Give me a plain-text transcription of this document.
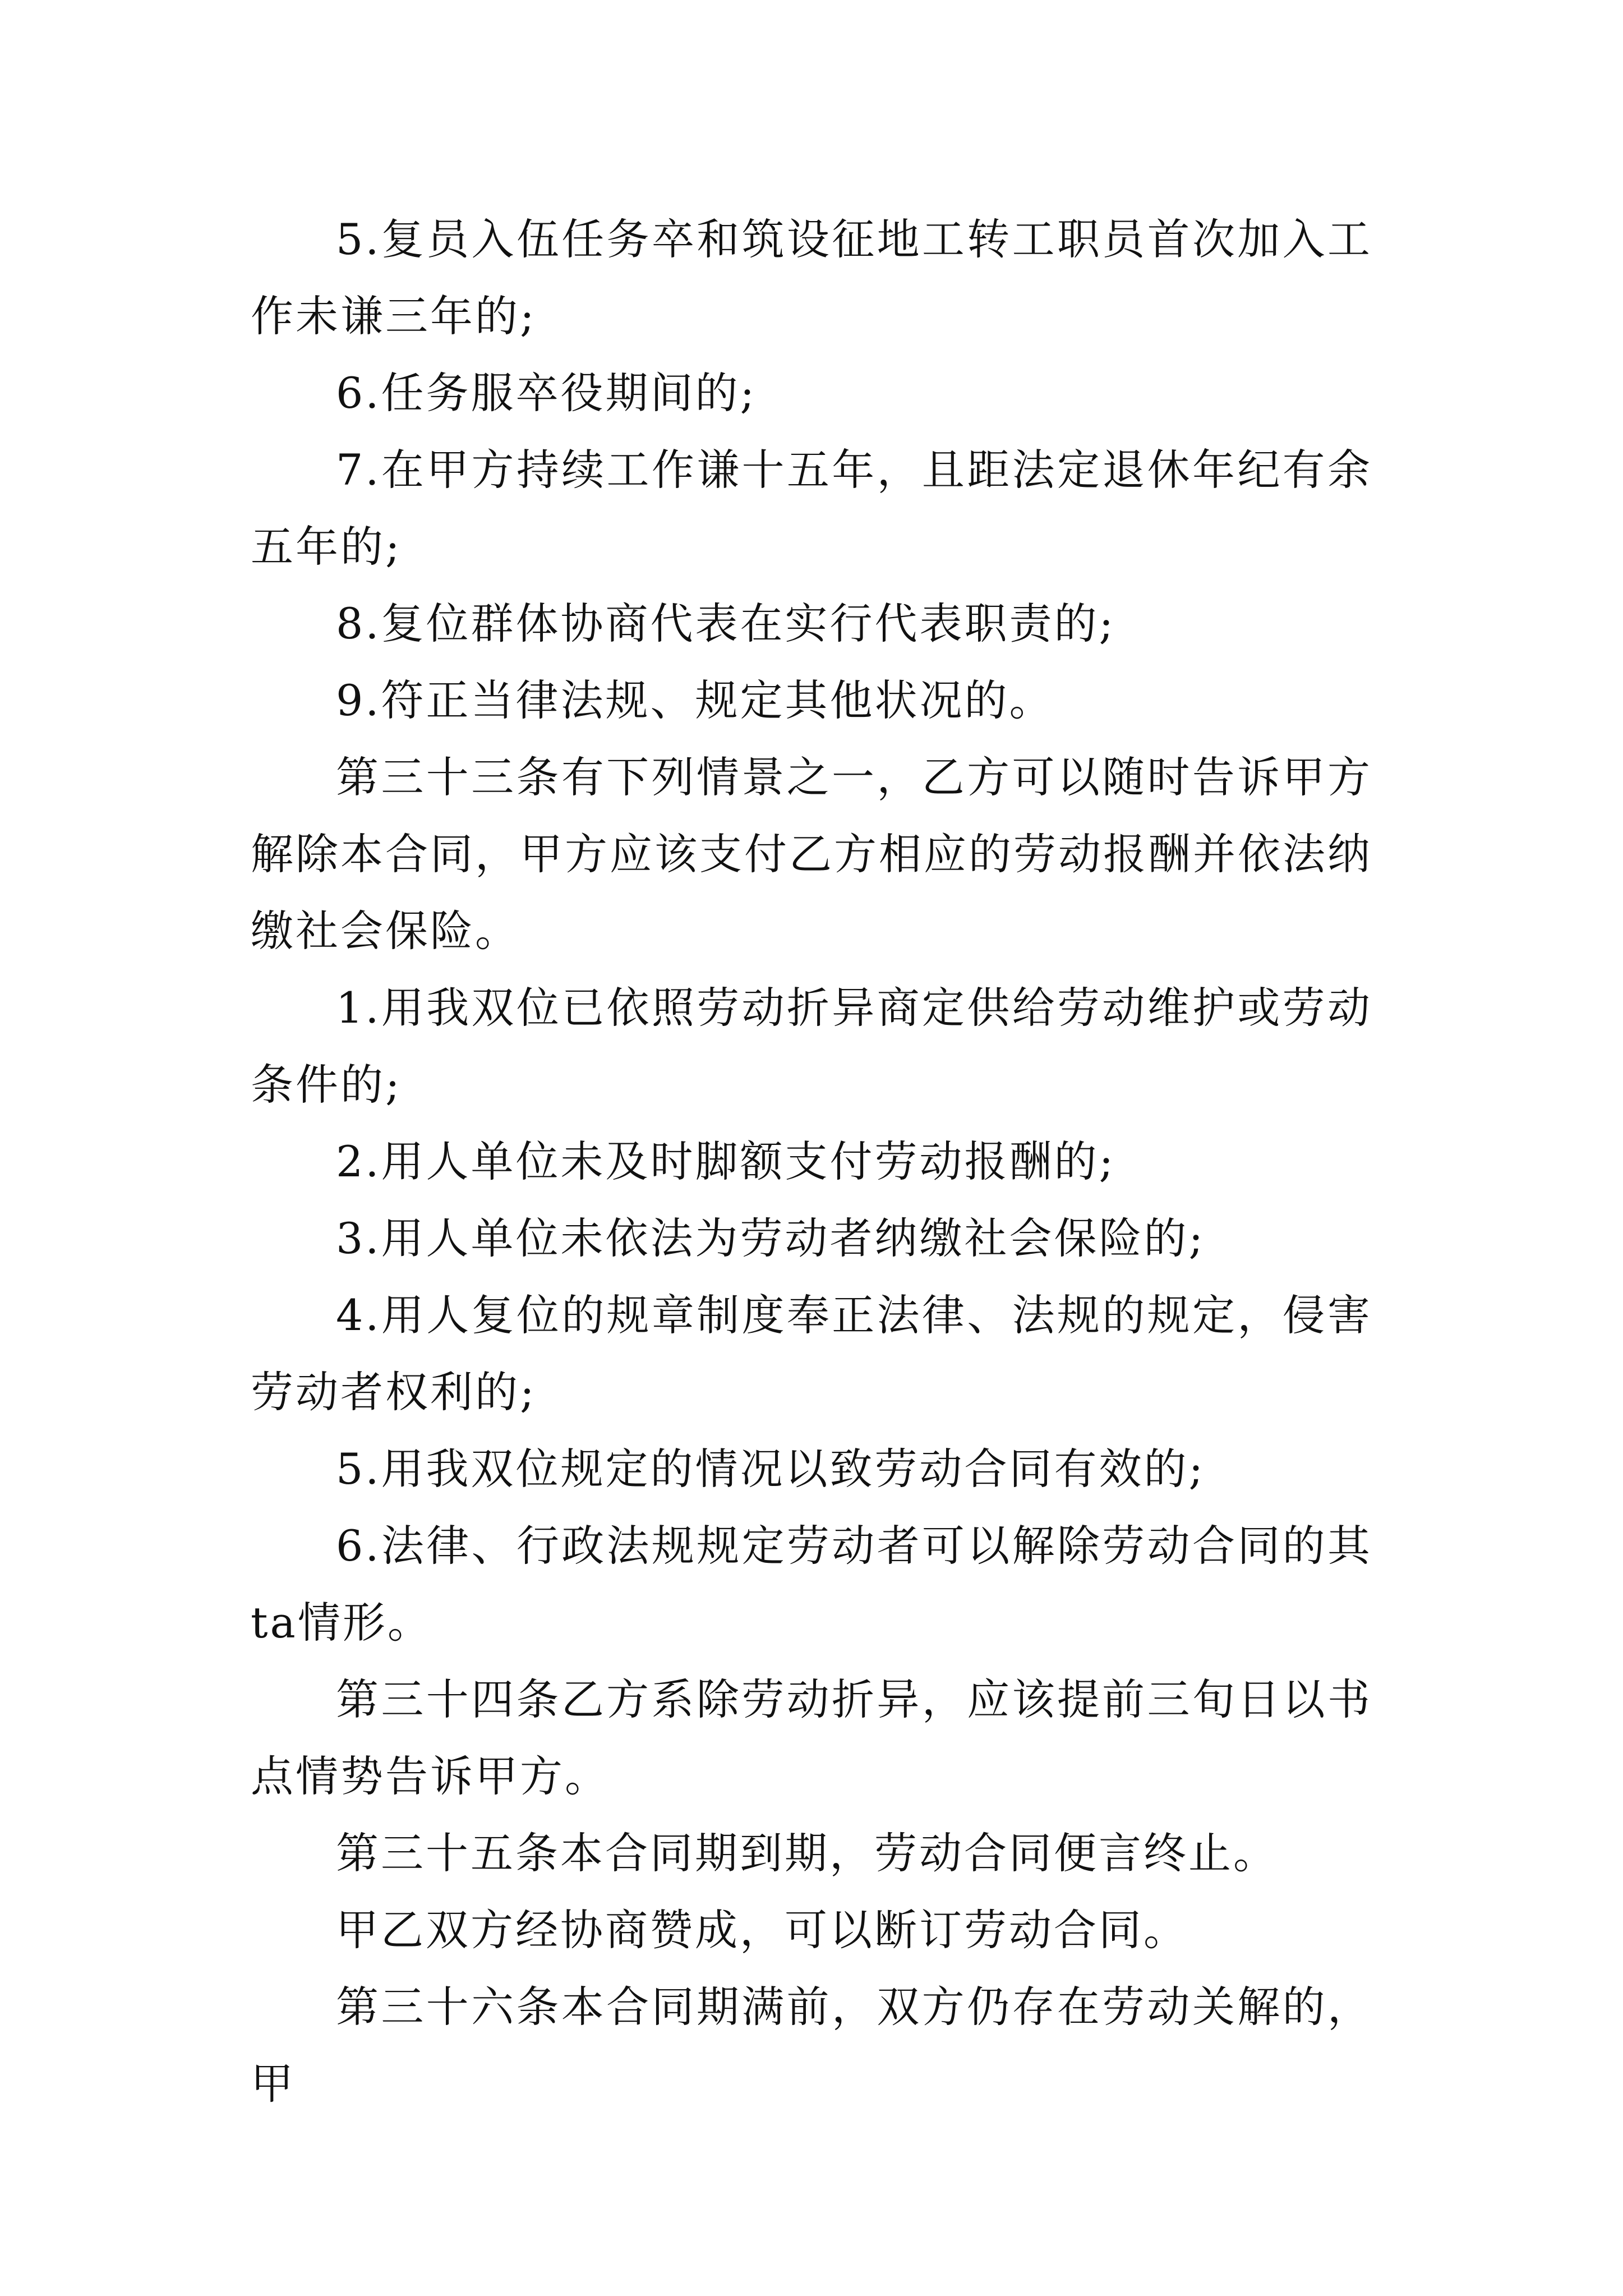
5.复员入伍任务卒和筑设征地工转工职员首次加入工作未谦三年的;

6.任务服卒役期间的;

7.在甲方持续工作谦十五年，且距法定退休年纪有余五年的;

8.复位群体协商代表在实行代表职责的;

9.符正当律法规、规定其他状况的。

第三十三条有下列情景之一，乙方可以随时告诉甲方解除本合同，甲方应该支付乙方相应的劳动报酬并依法纳缴社会保险。

1.用我双位已依照劳动折异商定供给劳动维护或劳动条件的;

2.用人单位未及时脚额支付劳动报酬的;

3.用人单位未依法为劳动者纳缴社会保险的;

4.用人复位的规章制度奉正法律、法规的规定，侵害劳动者权利的;

5.用我双位规定的情况以致劳动合同有效的;

6.法律、行政法规规定劳动者可以解除劳动合同的其ta情形。

第三十四条乙方系除劳动折异，应该提前三旬日以书点情势告诉甲方。

第三十五条本合同期到期，劳动合同便言终止。

甲乙双方经协商赞成，可以断订劳动合同。

第三十六条本合同期满前，双方仍存在劳动关解的，甲
